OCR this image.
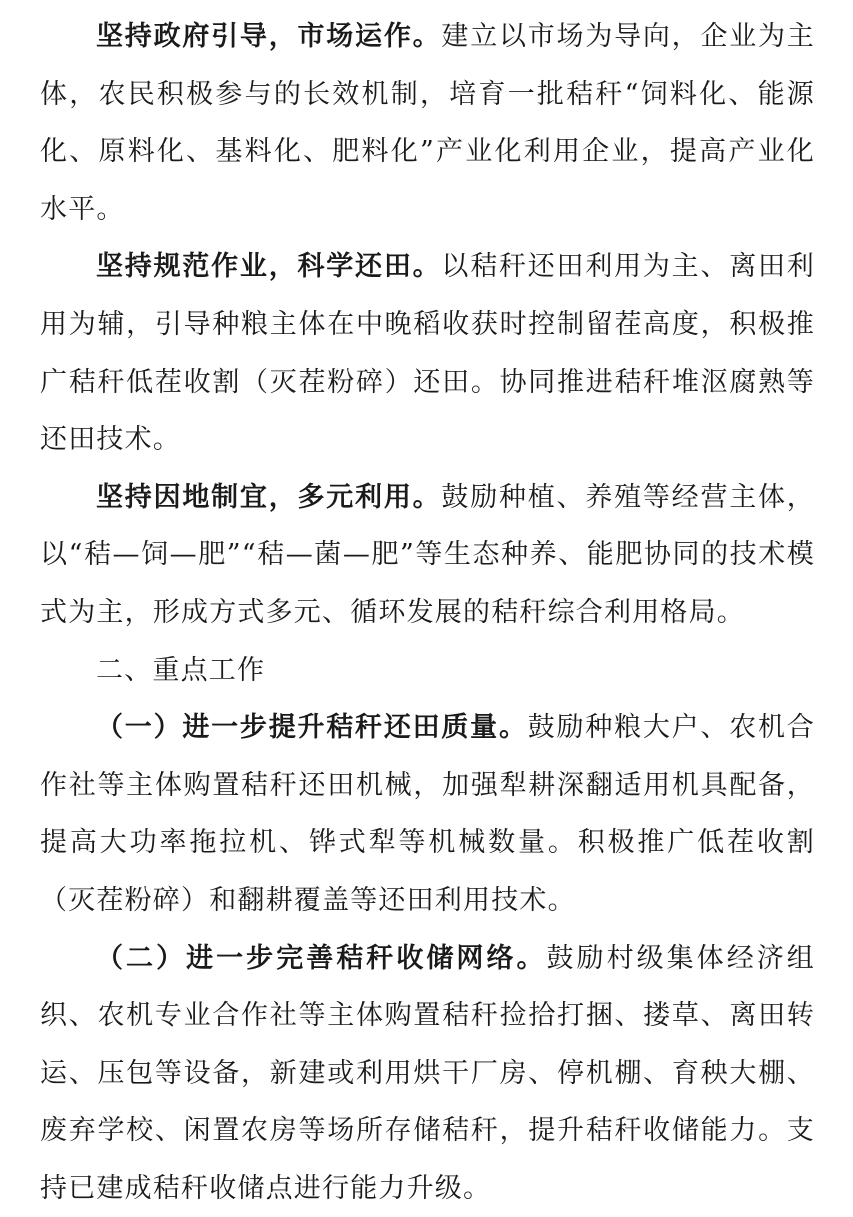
坚持政府引导，市场运作。建立以市场为导向，企业为主体，农民积极参与的长效机制，培育一批秸秆“饲料化、能源化、原料化、基料化、肥料化”产业化利用企业，提高产业化水平。

坚持规范作业，科学还田。以秸秆还田利用为主、离田利用为辅，引导种粮主体在中晚稻收获时控制留茬高度，积极推广秸秆低茬收割（灭茬粉碎）还田。协同推进秸秆堆沤腐熟等还田技术。

坚持因地制宜，多元利用。鼓励种植、养殖等经营主体，以“秸—饲—肥”“秸—菌—肥”等生态种养、能肥协同的技术模式为主，形成方式多元、循环发展的秸秆综合利用格局。

二、重点工作

（一）进一步提升秸秆还田质量。鼓励种粮大户、农机合作社等主体购置秸秆还田机械，加强犁耕深翻适用机具配备，提高大功率拖拉机、铧式犁等机械数量。积极推广低茬收割（灭茬粉碎）和翻耕覆盖等还田利用技术。

（二）进一步完善秸秆收储网络。鼓励村级集体经济组织、农机专业合作社等主体购置秸秆捡拾打捆、搂草、离田转运、压包等设备，新建或利用烘干厂房、停机棚、育秧大棚、废弃学校、闲置农房等场所存储秸秆，提升秸秆收储能力。支持已建成秸秆收储点进行能力升级。
